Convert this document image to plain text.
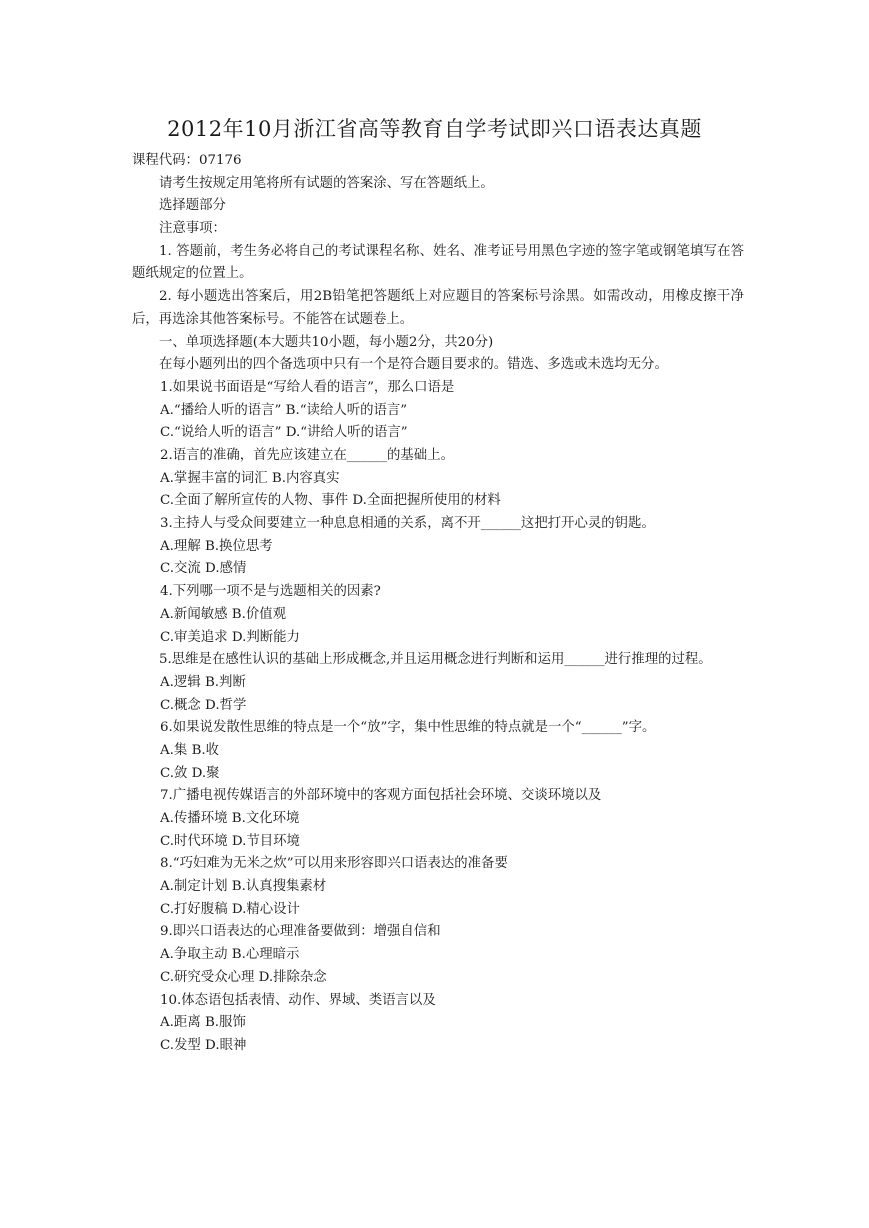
2012年10月浙江省高等教育自学考试即兴口语表达真题
课程代码：07176
请考生按规定用笔将所有试题的答案涂、写在答题纸上。
选择题部分
注意事项：
1. 答题前，考生务必将自己的考试课程名称、姓名、准考证号用黑色字迹的签字笔或钢笔填写在答题纸规定的位置上。
2. 每小题选出答案后，用2B铅笔把答题纸上对应题目的答案标号涂黑。如需改动，用橡皮擦干净后，再选涂其他答案标号。不能答在试题卷上。
一、单项选择题(本大题共10小题，每小题2分，共20分)
在每小题列出的四个备选项中只有一个是符合题目要求的。错选、多选或未选均无分。
1.如果说书面语是“写给人看的语言”，那么口语是
A.“播给人听的语言” B.“读给人听的语言”
C.“说给人听的语言” D.“讲给人听的语言”
2.语言的准确，首先应该建立在______的基础上。
A.掌握丰富的词汇 B.内容真实
C.全面了解所宣传的人物、事件 D.全面把握所使用的材料
3.主持人与受众间要建立一种息息相通的关系，离不开______这把打开心灵的钥匙。
A.理解 B.换位思考
C.交流 D.感情
4.下列哪一项不是与选题相关的因素?
A.新闻敏感 B.价值观
C.审美追求 D.判断能力
5.思维是在感性认识的基础上形成概念,并且运用概念进行判断和运用______进行推理的过程。
A.逻辑 B.判断
C.概念 D.哲学
6.如果说发散性思维的特点是一个“放”字，集中性思维的特点就是一个“______”字。
A.集 B.收
C.敛 D.聚
7.广播电视传媒语言的外部环境中的客观方面包括社会环境、交谈环境以及
A.传播环境 B.文化环境
C.时代环境 D.节目环境
8.“巧妇难为无米之炊”可以用来形容即兴口语表达的准备要
A.制定计划 B.认真搜集素材
C.打好腹稿 D.精心设计
9.即兴口语表达的心理准备要做到：增强自信和
A.争取主动 B.心理暗示
C.研究受众心理 D.排除杂念
10.体态语包括表情、动作、界域、类语言以及
A.距离 B.服饰
C.发型 D.眼神
